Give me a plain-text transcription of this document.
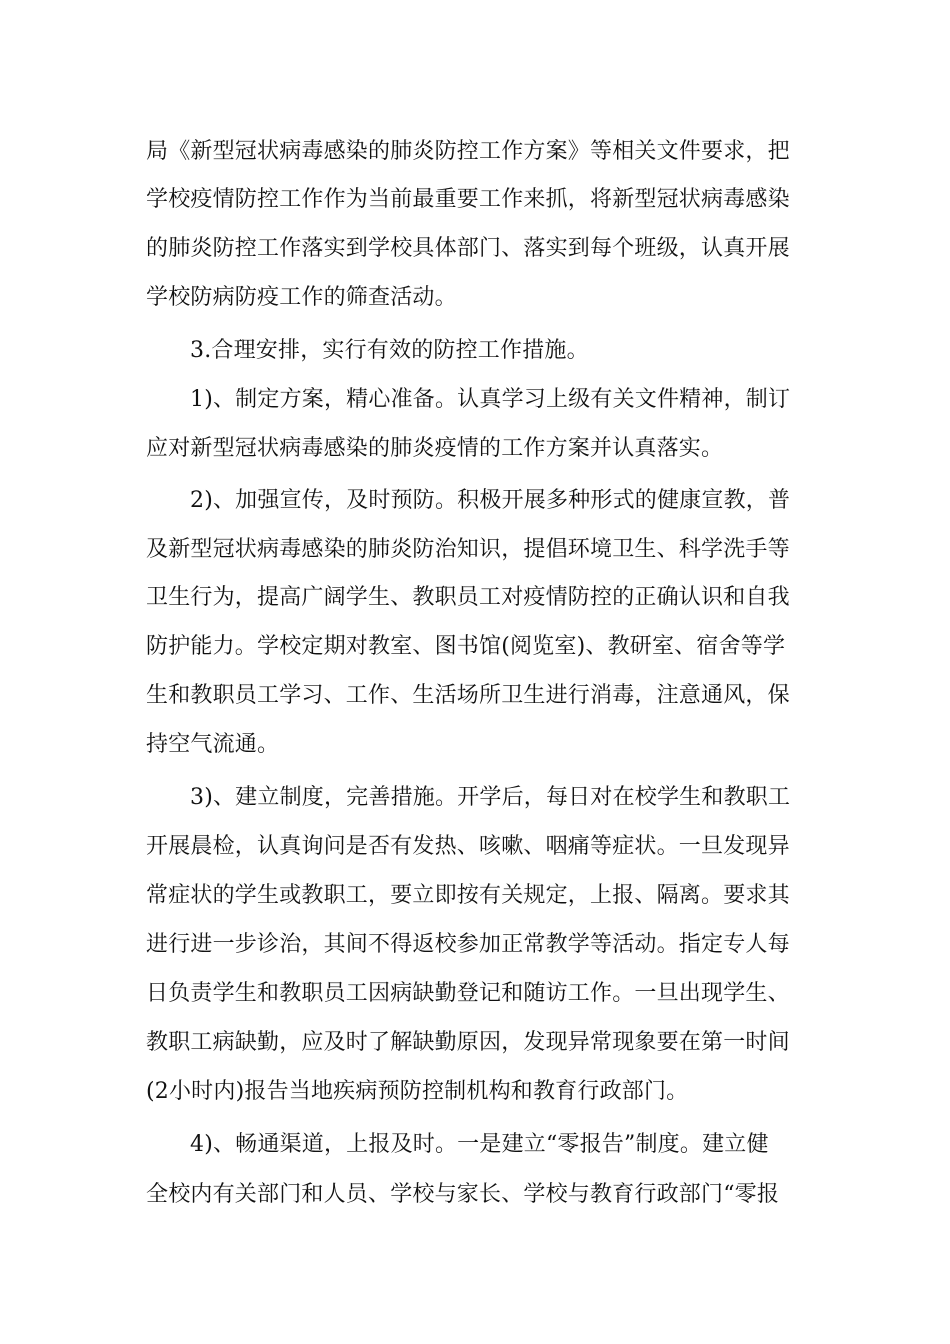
局《新型冠状病毒感染的肺炎防控工作方案》等相关文件要求，把
学校疫情防控工作作为当前最重要工作来抓，将新型冠状病毒感染
的肺炎防控工作落实到学校具体部门、落实到每个班级，认真开展
学校防病防疫工作的筛查活动。
3.合理安排，实行有效的防控工作措施。
1)、制定方案，精心准备。认真学习上级有关文件精神，制订
应对新型冠状病毒感染的肺炎疫情的工作方案并认真落实。
2)、加强宣传，及时预防。积极开展多种形式的健康宣教，普
及新型冠状病毒感染的肺炎防治知识，提倡环境卫生、科学洗手等
卫生行为，提高广阔学生、教职员工对疫情防控的正确认识和自我
防护能力。学校定期对教室、图书馆(阅览室)、教研室、宿舍等学
生和教职员工学习、工作、生活场所卫生进行消毒，注意通风，保
持空气流通。
3)、建立制度，完善措施。开学后，每日对在校学生和教职工
开展晨检，认真询问是否有发热、咳嗽、咽痛等症状。一旦发现异
常症状的学生或教职工，要立即按有关规定，上报、隔离。要求其
进行进一步诊治，其间不得返校参加正常教学等活动。指定专人每
日负责学生和教职员工因病缺勤登记和随访工作。一旦出现学生、
教职工病缺勤，应及时了解缺勤原因，发现异常现象要在第一时间
(2小时内)报告当地疾病预防控制机构和教育行政部门。
4)、畅通渠道，上报及时。一是建立“零报告”制度。建立健
全校内有关部门和人员、学校与家长、学校与教育行政部门“零报
